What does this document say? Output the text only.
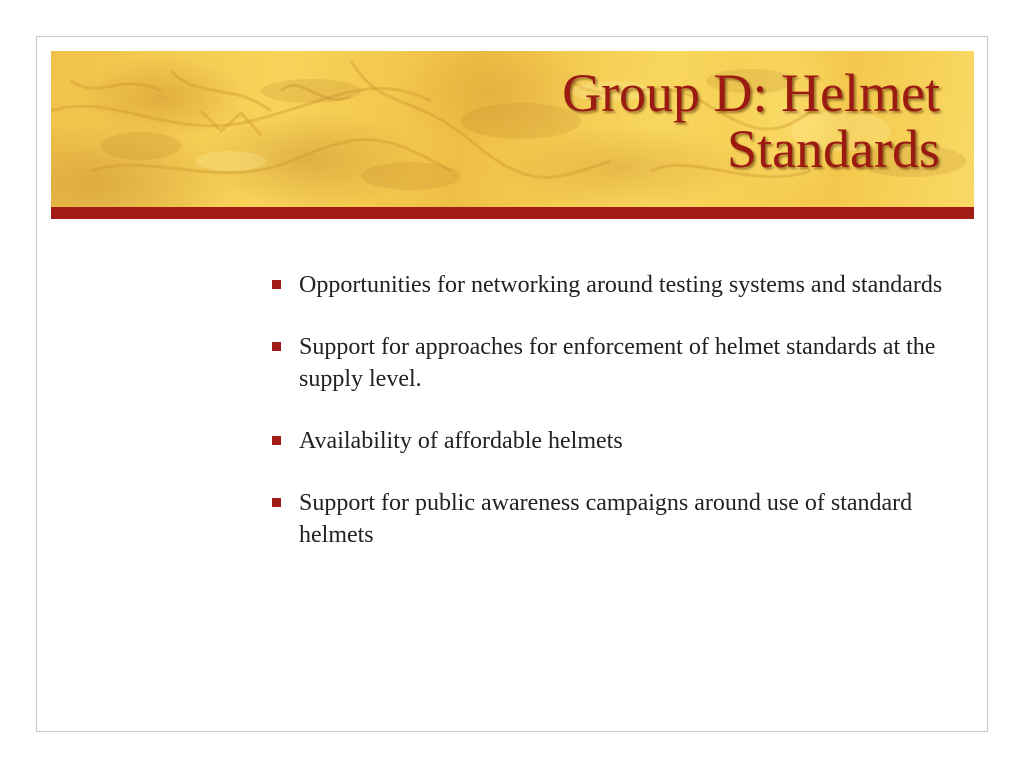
Group D: Helmet
Standards
Opportunities for networking around testing systems and standards
Support for approaches for enforcement of helmet standards at the supply level.
Availability of affordable helmets
Support for public awareness campaigns around use of standard helmets
